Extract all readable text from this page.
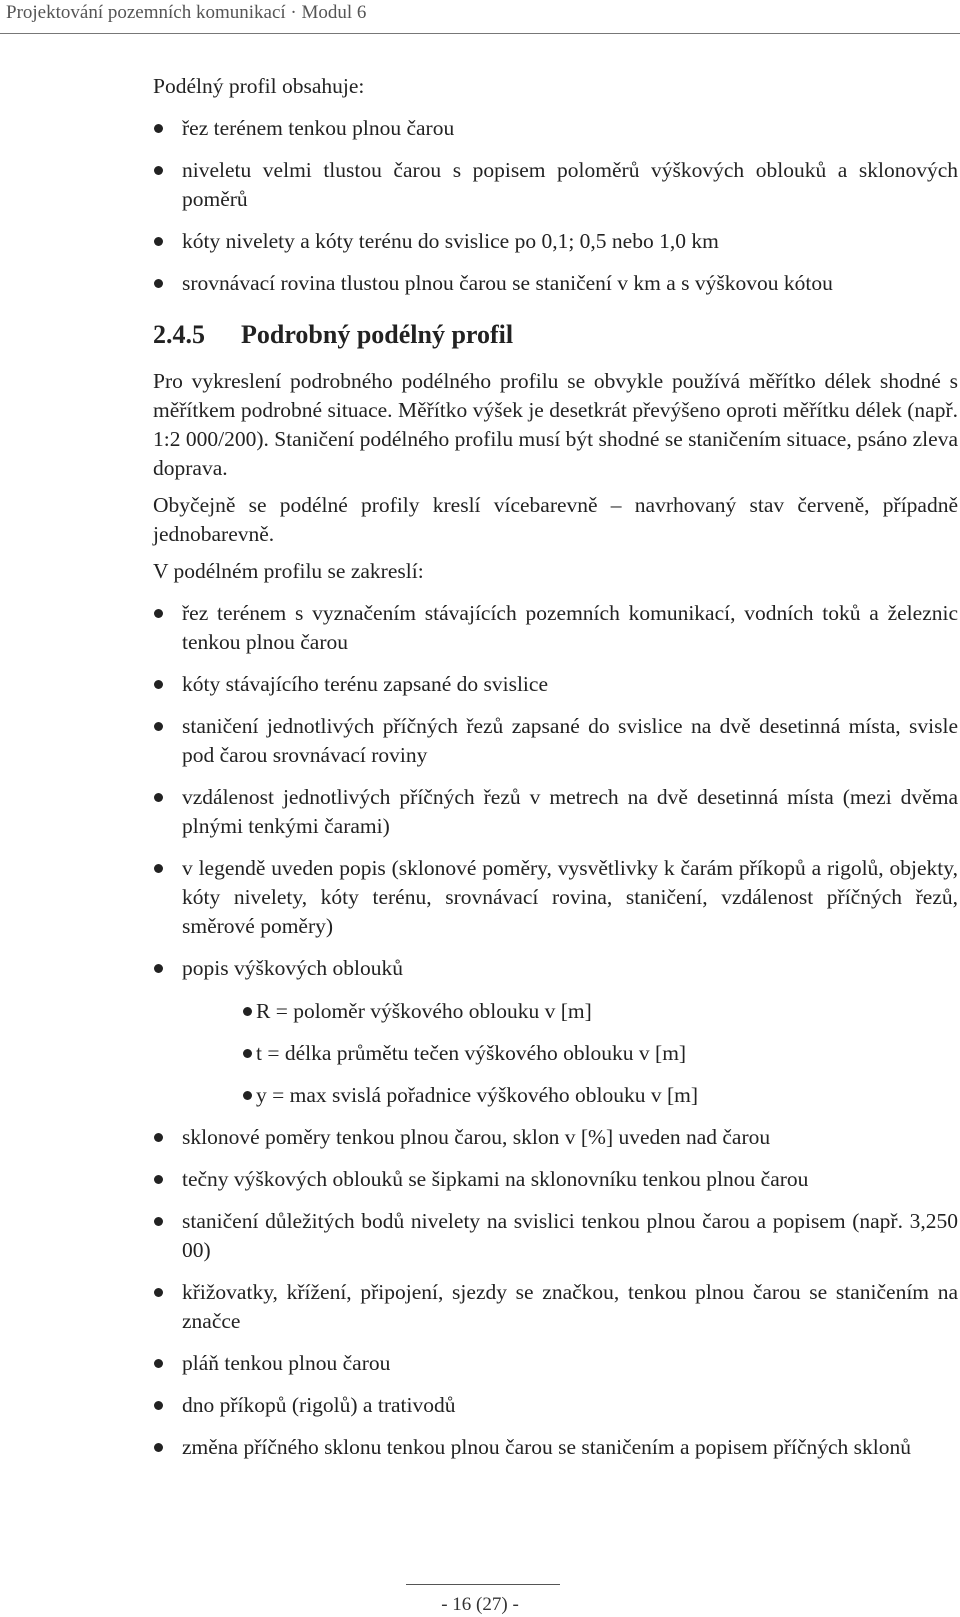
Projektování pozemních komunikací · Modul 6

Podélný profil obsahuje:

řez terénem tenkou plnou čarou
niveletu velmi tlustou čarou s popisem poloměrů výškových oblouků a sklonových poměrů
kóty nivelety a kóty terénu do svislice po 0,1; 0,5 nebo 1,0 km
srovnávací rovina tlustou plnou čarou se staničení v km a s výškovou kótou
2.4.5 Podrobný podélný profil

Pro vykreslení podrobného podélného profilu se obvykle používá měřítko délek shodné s měřítkem podrobné situace. Měřítko výšek je desetkrát převýšeno oproti měřítku délek (např. 1:2 000/200). Staničení podélného profilu musí být shodné se staničením situace, psáno zleva doprava.

Obyčejně se podélné profily kreslí vícebarevně – navrhovaný stav červeně, případně jednobarevně.

V podélném profilu se zakreslí:

řez terénem s vyznačením stávajících pozemních komunikací, vodních toků a železnic tenkou plnou čarou
kóty stávajícího terénu zapsané do svislice
staničení jednotlivých příčných řezů zapsané do svislice na dvě desetinná místa, svisle pod čarou srovnávací roviny
vzdálenost jednotlivých příčných řezů v metrech na dvě desetinná místa (mezi dvěma plnými tenkými čarami)
v legendě uveden popis (sklonové poměry, vysvětlivky k čarám příkopů a rigolů, objekty, kóty nivelety, kóty terénu, srovnávací rovina, staničení, vzdálenost příčných řezů, směrové poměry)
popis výškových oblouků
R = poloměr výškového oblouku v [m]
t = délka průmětu tečen výškového oblouku v [m]
y = max svislá pořadnice výškového oblouku v [m]
sklonové poměry tenkou plnou čarou, sklon v [%] uveden nad čarou
tečny výškových oblouků se šipkami na sklonovníku tenkou plnou čarou
staničení důležitých bodů nivelety na svislici tenkou plnou čarou a popisem (např. 3,250 00)
křižovatky, křížení, připojení, sjezdy se značkou, tenkou plnou čarou se staničením na značce
pláň tenkou plnou čarou
dno příkopů (rigolů) a trativodů
změna příčného sklonu tenkou plnou čarou se staničením a popisem příčných sklonů
- 16 (27) -
